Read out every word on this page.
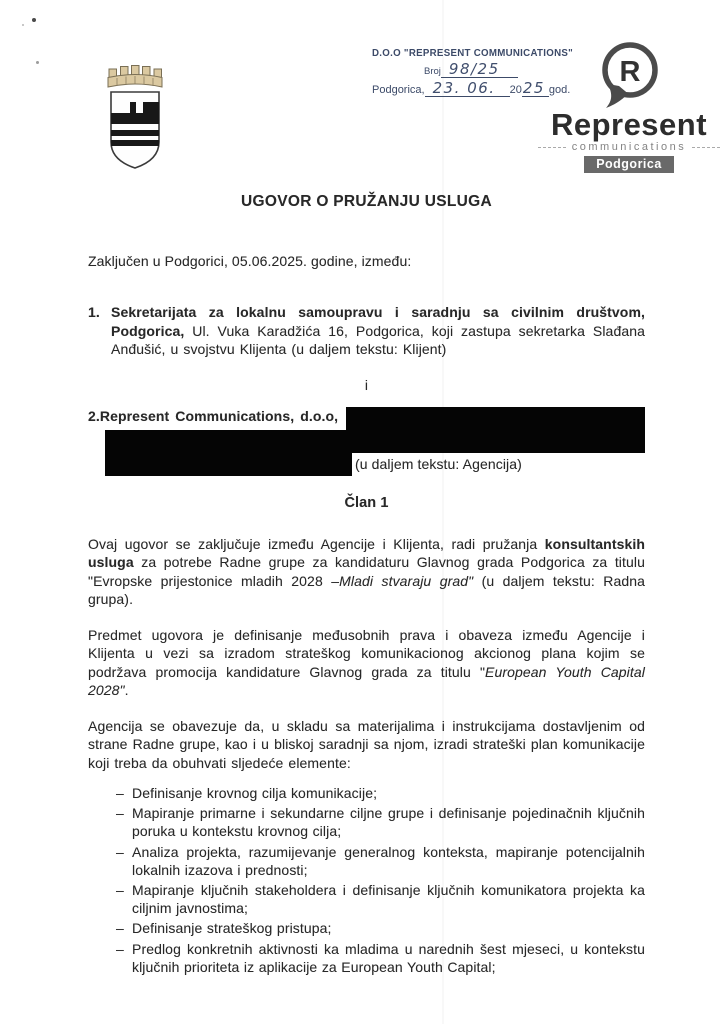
D.O.O "REPRESENT COMMUNICATIONS"
Broj 98/25
Podgorica, 23. 06.	20 25 god.
R
Represent
communications
Podgorica
UGOVOR O PRUŽANJU USLUGA
Zaključen u Podgorici, 05.06.2025. godine, između:
1. Sekretarijata za lokalnu samoupravu i saradnju sa civilnim društvom, Podgorica, Ul. Vuka Karadžića 16, Podgorica, koji zastupa sekretarka Slađana Anđušić, u svojstvu Klijenta (u daljem tekstu: Klijent)
i
2. Represent Communications, d.o.o,
(u daljem tekstu: Agencija)
Član 1

Ovaj ugovor se zaključuje između Agencije i Klijenta, radi pružanja konsultantskih usluga za potrebe Radne grupe za kandidaturu Glavnog grada Podgorica za titulu "Evropske prijestonice mladih 2028 –Mladi stvaraju grad" (u daljem tekstu: Radna grupa).

Predmet ugovora je definisanje međusobnih prava i obaveza između Agencije i Klijenta u vezi sa izradom strateškog komunikacionog akcionog plana kojim se podržava promocija kandidature Glavnog grada za titulu "European Youth Capital 2028".

Agencija se obavezuje da, u skladu sa materijalima i instrukcijama dostavljenim od strane Radne grupe, kao i u bliskoj saradnji sa njom, izradi strateški plan komunikacije koji treba da obuhvati sljedeće elemente:

– Definisanje krovnog cilja komunikacije;
– Mapiranje primarne i sekundarne ciljne grupe i definisanje pojedinačnih ključnih poruka u kontekstu krovnog cilja;
– Analiza projekta, razumijevanje generalnog konteksta, mapiranje potencijalnih lokalnih izazova i prednosti;
– Mapiranje ključnih stakeholdera i definisanje ključnih komunikatora projekta ka ciljnim javnostima;
– Definisanje strateškog pristupa;
– Predlog konkretnih aktivnosti ka mladima u narednih šest mjeseci, u kontekstu ključnih prioriteta iz aplikacije za European Youth Capital;
